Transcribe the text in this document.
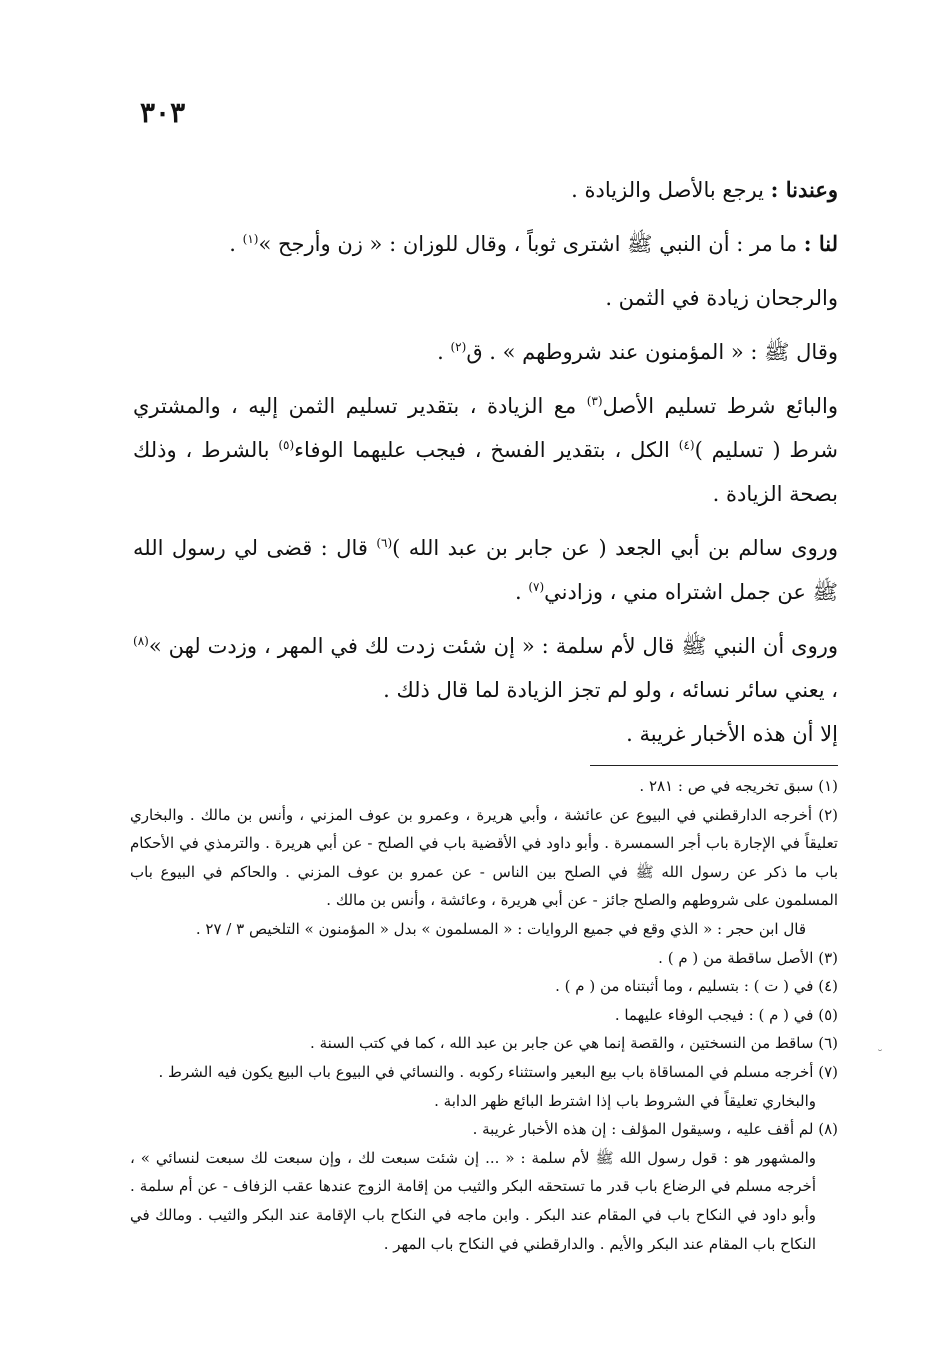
٣٠٣

وعندنا : يرجع بالأصل والزيادة .

لنا : ما مر : أن النبي ﷺ اشترى ثوباً ، وقال للوزان : « زن وأرجح »$^{(١)}$ .

والرجحان زيادة في الثمن .

وقال ﷺ : « المؤمنون عند شروطهم » . ق$^{(٢)}$ .

والبائع شرط تسليم الأصل$^{(٣)}$ مع الزيادة ، بتقدير تسليم الثمن إليه ، والمشتري شرط ( تسليم )$^{(٤)}$ الكل ، بتقدير الفسخ ، فيجب عليهما الوفاء$^{(٥)}$ بالشرط ، وذلك بصحة الزيادة .

وروى سالم بن أبي الجعد ( عن جابر بن عبد الله )$^{(٦)}$ قال : قضى لي رسول الله ﷺ عن جمل اشتراه مني ، وزادني$^{(٧)}$ .

وروى أن النبي ﷺ قال لأم سلمة : « إن شئت زدت لك في المهر ، وزدت لهن »$^{(٨)}$ ، يعني سائر نسائه ، ولو لم تجز الزيادة لما قال ذلك .

إلا أن هذه الأخبار غريبة .

(١) سبق تخريجه في ص : ٢٨١ .

(٢) أخرجه الدارقطني في البيوع عن عائشة ، وأبي هريرة ، وعمرو بن عوف المزني ، وأنس بن مالك . والبخاري تعليقاً في الإجارة باب أجر السمسرة . وأبو داود في الأقضية باب في الصلح - عن أبي هريرة . والترمذي في الأحكام باب ما ذكر عن رسول الله ﷺ في الصلح بين الناس - عن عمرو بن عوف المزني . والحاكم في البيوع باب المسلمون على شروطهم والصلح جائز - عن أبي هريرة ، وعائشة ، وأنس بن مالك .

قال ابن حجر : « الذي وقع في جميع الروايات : « المسلمون » بدل « المؤمنون » التلخيص ٣ / ٢٧ .

(٣) الأصل ساقطة من ( م ) .

(٤) في ( ت ) : بتسليم ، وما أثبتناه من ( م ) .

(٥) في ( م ) : فيجب الوفاء عليهما .

(٦) ساقط من النسختين ، والقصة إنما هي عن جابر بن عبد الله ، كما في كتب السنة .

(٧) أخرجه مسلم في المساقاة باب بيع البعير واستثناء ركوبه . والنسائي في البيوع باب البيع يكون فيه الشرط .

والبخاري تعليقاً في الشروط باب إذا اشترط البائع ظهر الدابة .

(٨) لم أقف عليه ، وسيقول المؤلف : إن هذه الأخبار غريبة .

والمشهور هو : قول رسول الله ﷺ لأم سلمة : « ... إن شئت سبعت لك ، وإن سبعت لك سبعت لنسائي » ، أخرجه مسلم في الرضاع باب قدر ما تستحقه البكر والثيب من إقامة الزوج عندها عقب الزفاف - عن أم سلمة . وأبو داود في النكاح باب في المقام عند البكر . وابن ماجه في النكاح باب الإقامة عند البكر والثيب . ومالك في النكاح باب المقام عند البكر والأيم . والدارقطني في النكاح باب المهر .

˘
